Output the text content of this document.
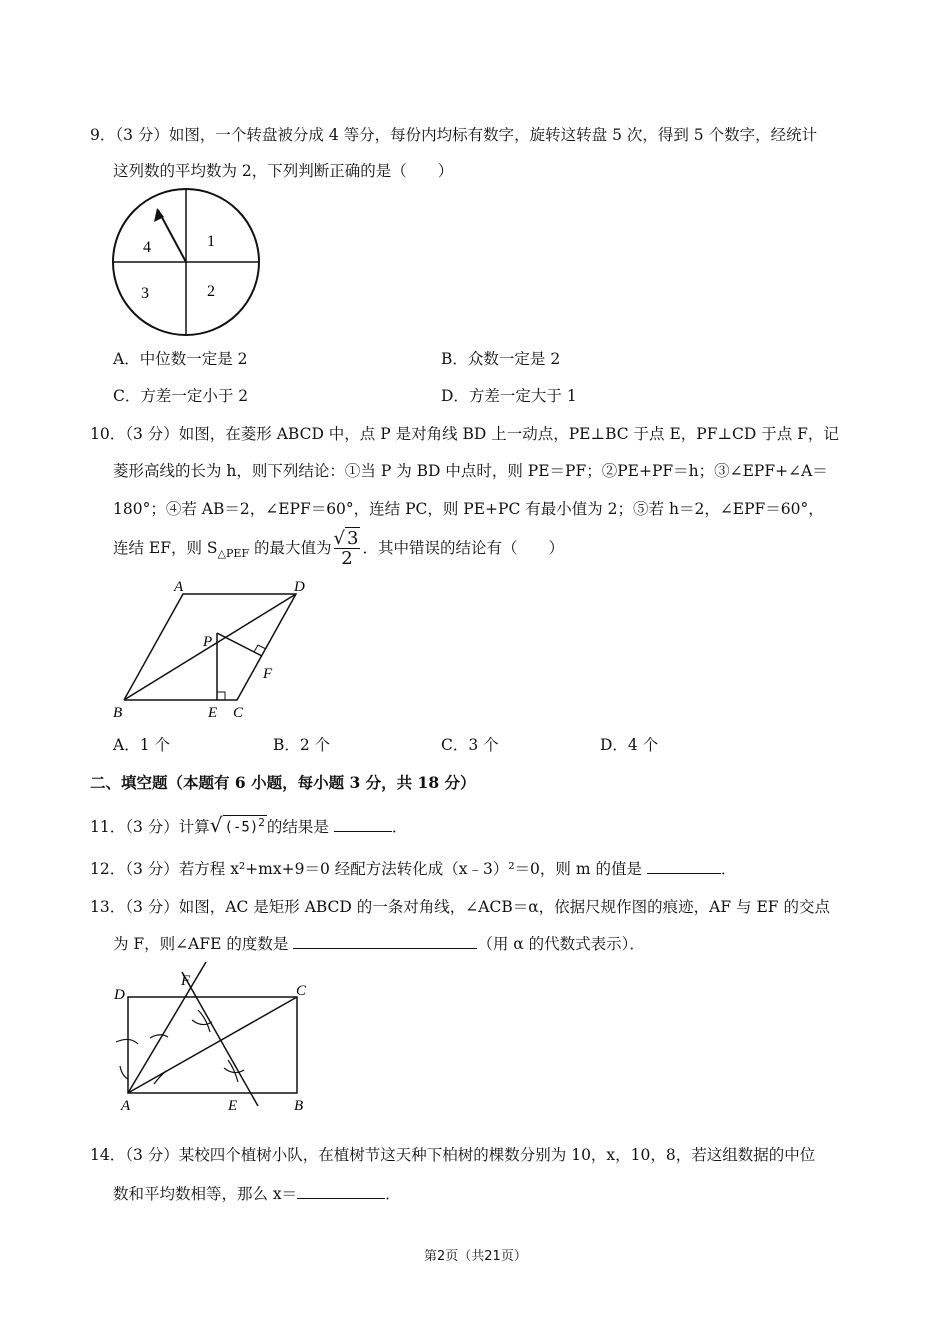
9．（3 分）如图，一个转盘被分成 4 等分，每份内均标有数字，旋转这转盘 5 次，得到 5 个数字，经统计
这列数的平均数为 2，下列判断正确的是（　　）
4	1
3	2
A．中位数一定是 2	B．众数一定是 2
C．方差一定小于 2	D．方差一定大于 1
10．（3 分）如图，在菱形 ABCD 中，点 P 是对角线 BD 上一动点，PE⊥BC 于点 E，PF⊥CD 于点 F，记
菱形高线的长为 h，则下列结论：①当 P 为 BD 中点时，则 PE＝PF；②PE+PF＝h；③∠EPF+∠A＝
180°；④若 AB＝2，∠EPF＝60°，连结 PC，则 PE+PC 有最小值为 2；⑤若 h＝2，∠EPF＝60°，
连结 EF，则 $S_{\triangle PEF}$ 的最大值为 $\frac{√ 3}{2}$ ．其中错误的结论有（　　）
A	D
B	E C
P
F
A．1 个	B．2 个	C．3 个	D．4 个
二、填空题（本题有 6 小题，每小题 3 分，共 18 分）
11．（3 分）计算√ $(-5)^2$ 的结果是	．
12．（3 分）若方程 x²+mx+9＝0 经配方法转化成（x﹣3）²＝0，则 m 的值是	．
13．（3 分）如图，AC 是矩形 ABCD 的一条对角线，∠ACB＝α，依据尺规作图的痕迹，AF 与 EF 的交点
为 F，则∠AFE 的度数是	（用 α 的代数式表示）．
D
F
C
A	E	B
14．（3 分）某校四个植树小队，在植树节这天种下柏树的棵数分别为 10，x，10，8，若这组数据的中位
数和平均数相等，那么 x＝	．
第2页（共21页）
